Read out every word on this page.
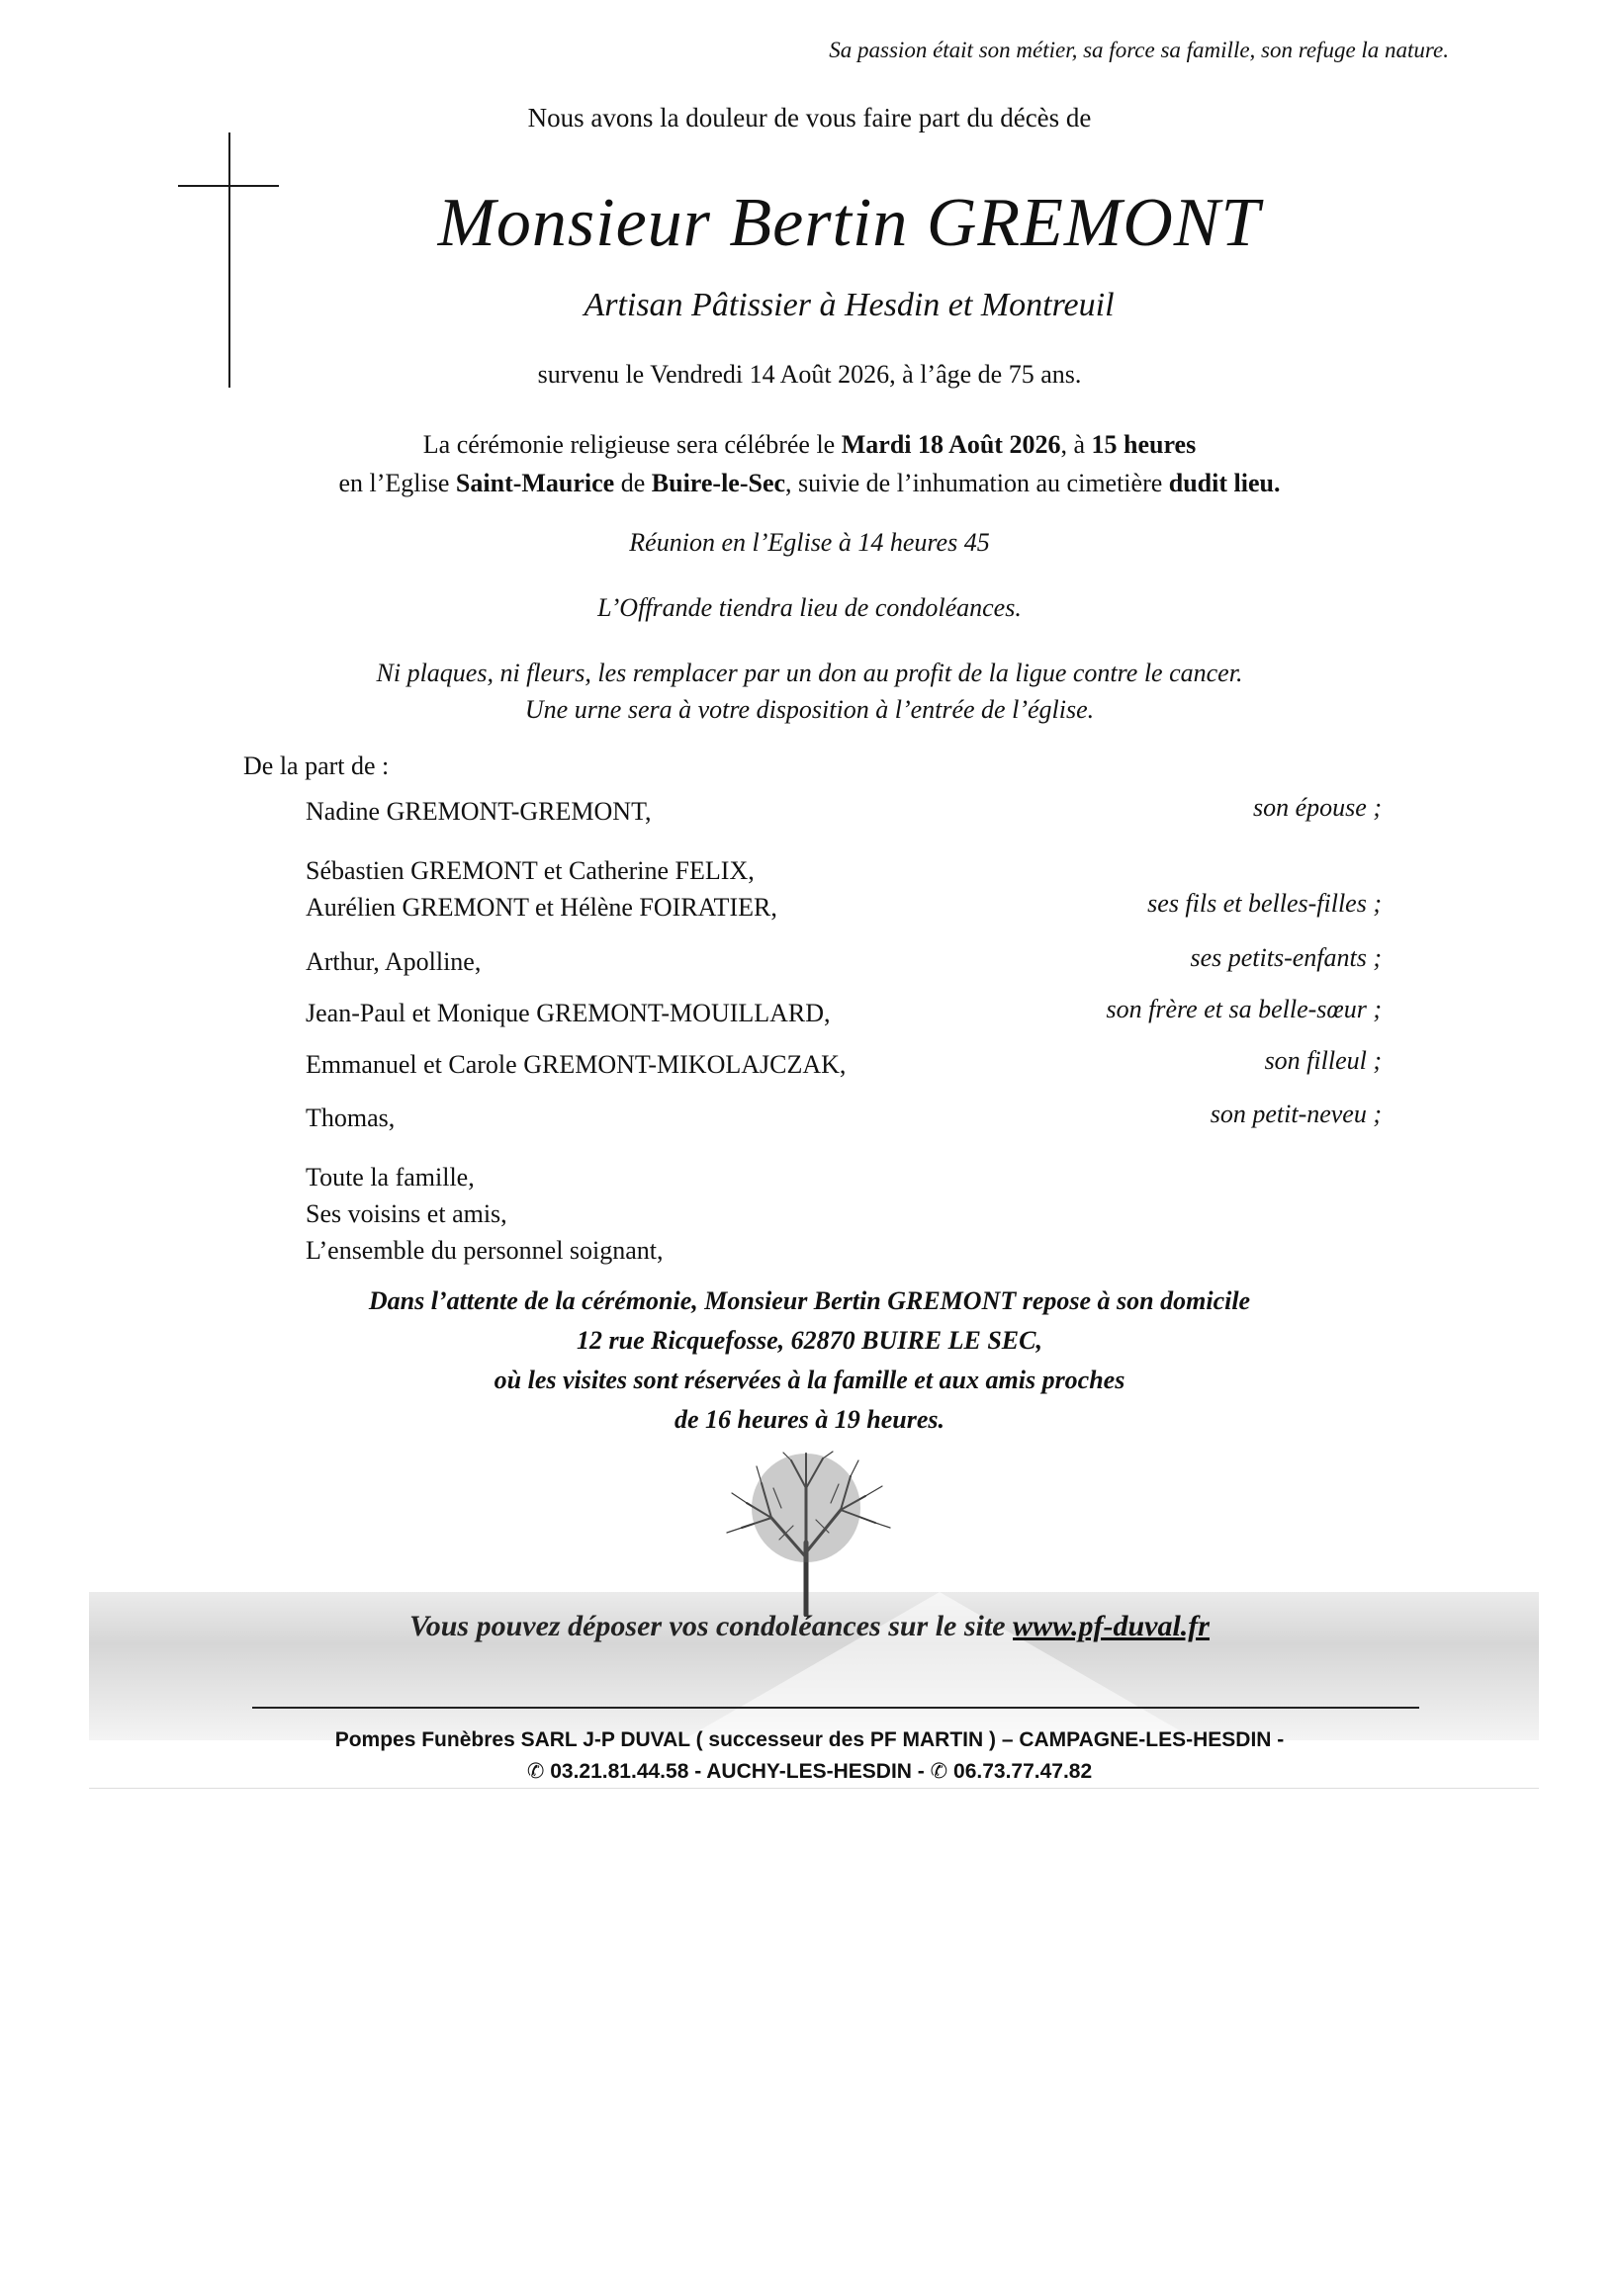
Sa passion était son métier, sa force sa famille, son refuge la nature.
Nous avons la douleur de vous faire part du décès de
Monsieur Bertin GREMONT
Artisan Pâtissier à Hesdin et Montreuil
survenu le Vendredi 14 Août 2026, à l’âge de 75 ans.
La cérémonie religieuse sera célébrée le Mardi 18 Août 2026, à 15 heures
en l’Eglise Saint-Maurice de Buire-le-Sec, suivie de l’inhumation au cimetière dudit lieu.
Réunion en l’Eglise à 14 heures 45
L’Offrande tiendra lieu de condoléances.
Ni plaques, ni fleurs, les remplacer par un don au profit de la ligue contre le cancer.
Une urne sera à votre disposition à l’entrée de l’église.
De la part de :
Nadine GREMONT-GREMONT,	son épouse ;
Sébastien GREMONT et Catherine FELIX,
Aurélien GREMONT et Hélène FOIRATIER,	ses fils et belles-filles ;
Arthur, Apolline,	ses petits-enfants ;
Jean-Paul et Monique GREMONT-MOUILLARD,	son frère et sa belle-sœur ;
Emmanuel et Carole GREMONT-MIKOLAJCZAK,	son filleul ;
Thomas,	son petit-neveu ;
Toute la famille,
Ses voisins et amis,
L’ensemble du personnel soignant,
Dans l’attente de la cérémonie, Monsieur Bertin GREMONT repose à son domicile
12 rue Ricquefosse, 62870 BUIRE LE SEC,
où les visites sont réservées à la famille et aux amis proches
de 16 heures à 19 heures.
Vous pouvez déposer vos condoléances sur le site www.pf-duval.fr
Pompes Funèbres SARL J-P DUVAL ( successeur des PF MARTIN ) – CAMPAGNE-LES-HESDIN -
✆ 03.21.81.44.58 - AUCHY-LES-HESDIN - ✆ 06.73.77.47.82
